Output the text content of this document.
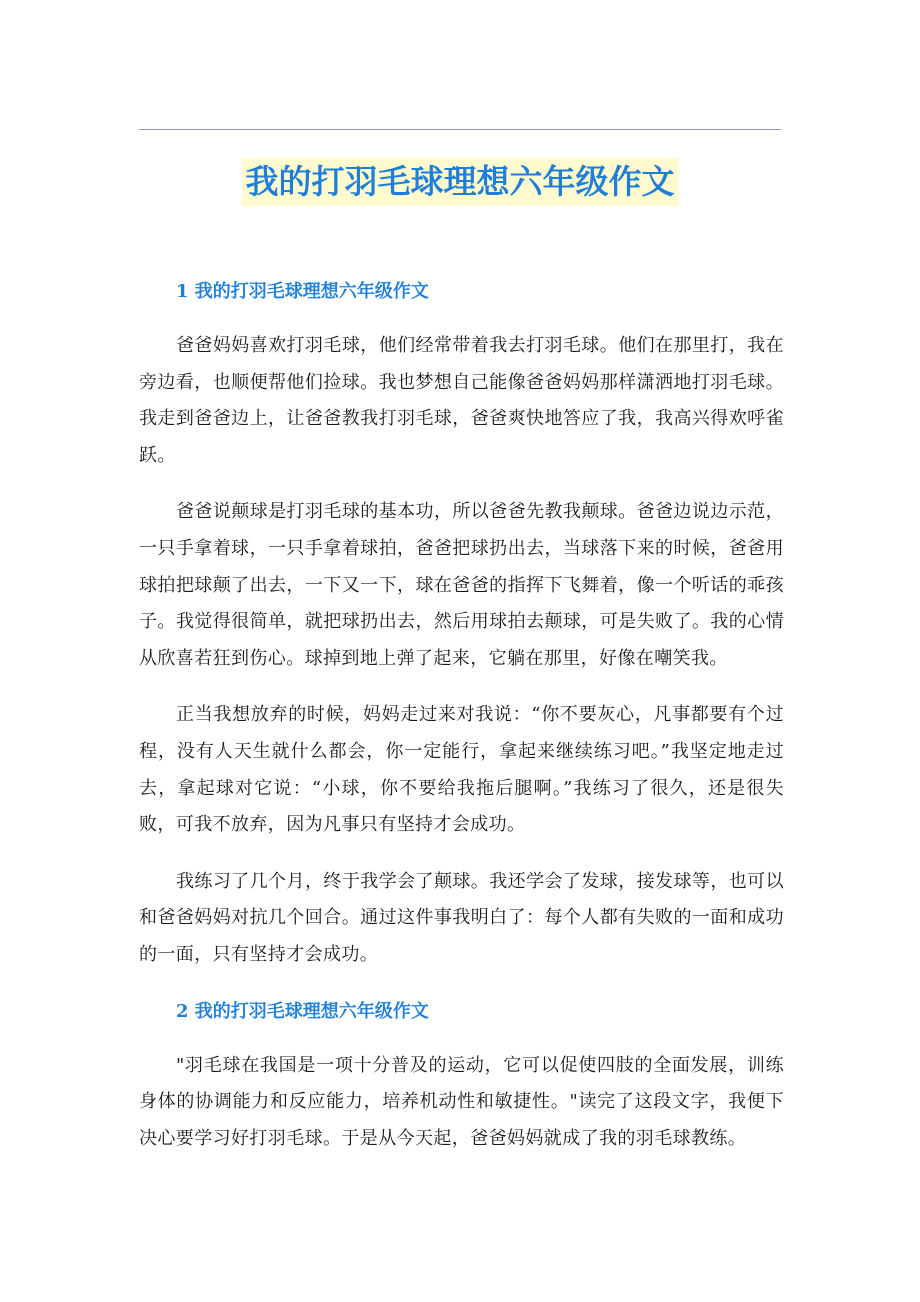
我的打羽毛球理想六年级作文
1 我的打羽毛球理想六年级作文

爸爸妈妈喜欢打羽毛球，他们经常带着我去打羽毛球。他们在那里打，我在旁边看，也顺便帮他们捡球。我也梦想自己能像爸爸妈妈那样潇洒地打羽毛球。我走到爸爸边上，让爸爸教我打羽毛球，爸爸爽快地答应了我，我高兴得欢呼雀跃。

爸爸说颠球是打羽毛球的基本功，所以爸爸先教我颠球。爸爸边说边示范，一只手拿着球，一只手拿着球拍，爸爸把球扔出去，当球落下来的时候，爸爸用球拍把球颠了出去，一下又一下，球在爸爸的指挥下飞舞着，像一个听话的乖孩子。我觉得很简单，就把球扔出去，然后用球拍去颠球，可是失败了。我的心情从欣喜若狂到伤心。球掉到地上弹了起来，它躺在那里，好像在嘲笑我。

正当我想放弃的时候，妈妈走过来对我说：“你不要灰心，凡事都要有个过程，没有人天生就什么都会，你一定能行，拿起来继续练习吧。”我坚定地走过去，拿起球对它说：“小球，你不要给我拖后腿啊。”我练习了很久，还是很失败，可我不放弃，因为凡事只有坚持才会成功。

我练习了几个月，终于我学会了颠球。我还学会了发球，接发球等，也可以和爸爸妈妈对抗几个回合。通过这件事我明白了：每个人都有失败的一面和成功的一面，只有坚持才会成功。

2 我的打羽毛球理想六年级作文

"羽毛球在我国是一项十分普及的运动，它可以促使四肢的全面发展，训练身体的协调能力和反应能力，培养机动性和敏捷性。"读完了这段文字，我便下决心要学习好打羽毛球。于是从今天起，爸爸妈妈就成了我的羽毛球教练。
